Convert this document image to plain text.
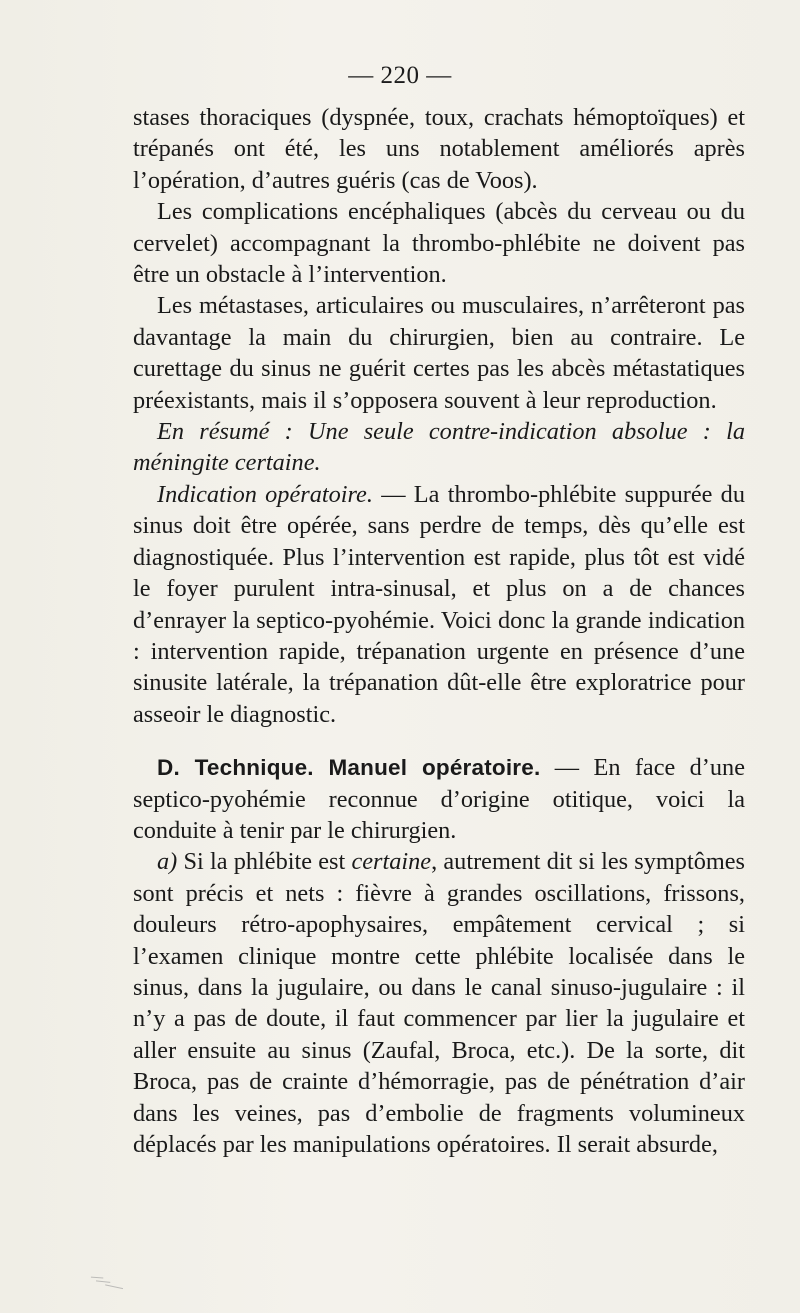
— 220 —

stases thoraciques (dyspnée, toux, crachats hémoptoïques) et trépanés ont été, les uns notablement améliorés après l’opération, d’autres guéris (cas de Voos).

Les complications encéphaliques (abcès du cerveau ou du cervelet) accompagnant la thrombo-phlébite ne doivent pas être un obstacle à l’intervention.

Les métastases, articulaires ou musculaires, n’arrêteront pas davantage la main du chirurgien, bien au contraire. Le curettage du sinus ne guérit certes pas les abcès métastatiques préexistants, mais il s’opposera souvent à leur reproduction.

En résumé : Une seule contre-indication absolue : la méningite certaine.

Indication opératoire. — La thrombo-phlébite suppurée du sinus doit être opérée, sans perdre de temps, dès qu’elle est diagnostiquée. Plus l’intervention est rapide, plus tôt est vidé le foyer purulent intra-sinusal, et plus on a de chances d’enrayer la septico-pyohémie. Voici donc la grande indication : intervention rapide, trépanation urgente en présence d’une sinusite latérale, la trépanation dût-elle être exploratrice pour asseoir le diagnostic.

D. Technique. Manuel opératoire. — En face d’une septico-pyohémie reconnue d’origine otitique, voici la conduite à tenir par le chirurgien.

a) Si la phlébite est certaine, autrement dit si les symptômes sont précis et nets : fièvre à grandes oscillations, frissons, douleurs rétro-apophysaires, empâtement cervical ; si l’examen clinique montre cette phlébite localisée dans le sinus, dans la jugulaire, ou dans le canal sinuso-jugulaire : il n’y a pas de doute, il faut commencer par lier la jugulaire et aller ensuite au sinus (Zaufal, Broca, etc.). De la sorte, dit Broca, pas de crainte d’hémorragie, pas de pénétration d’air dans les veines, pas d’embolie de fragments volumineux déplacés par les manipulations opératoires. Il serait absurde,
